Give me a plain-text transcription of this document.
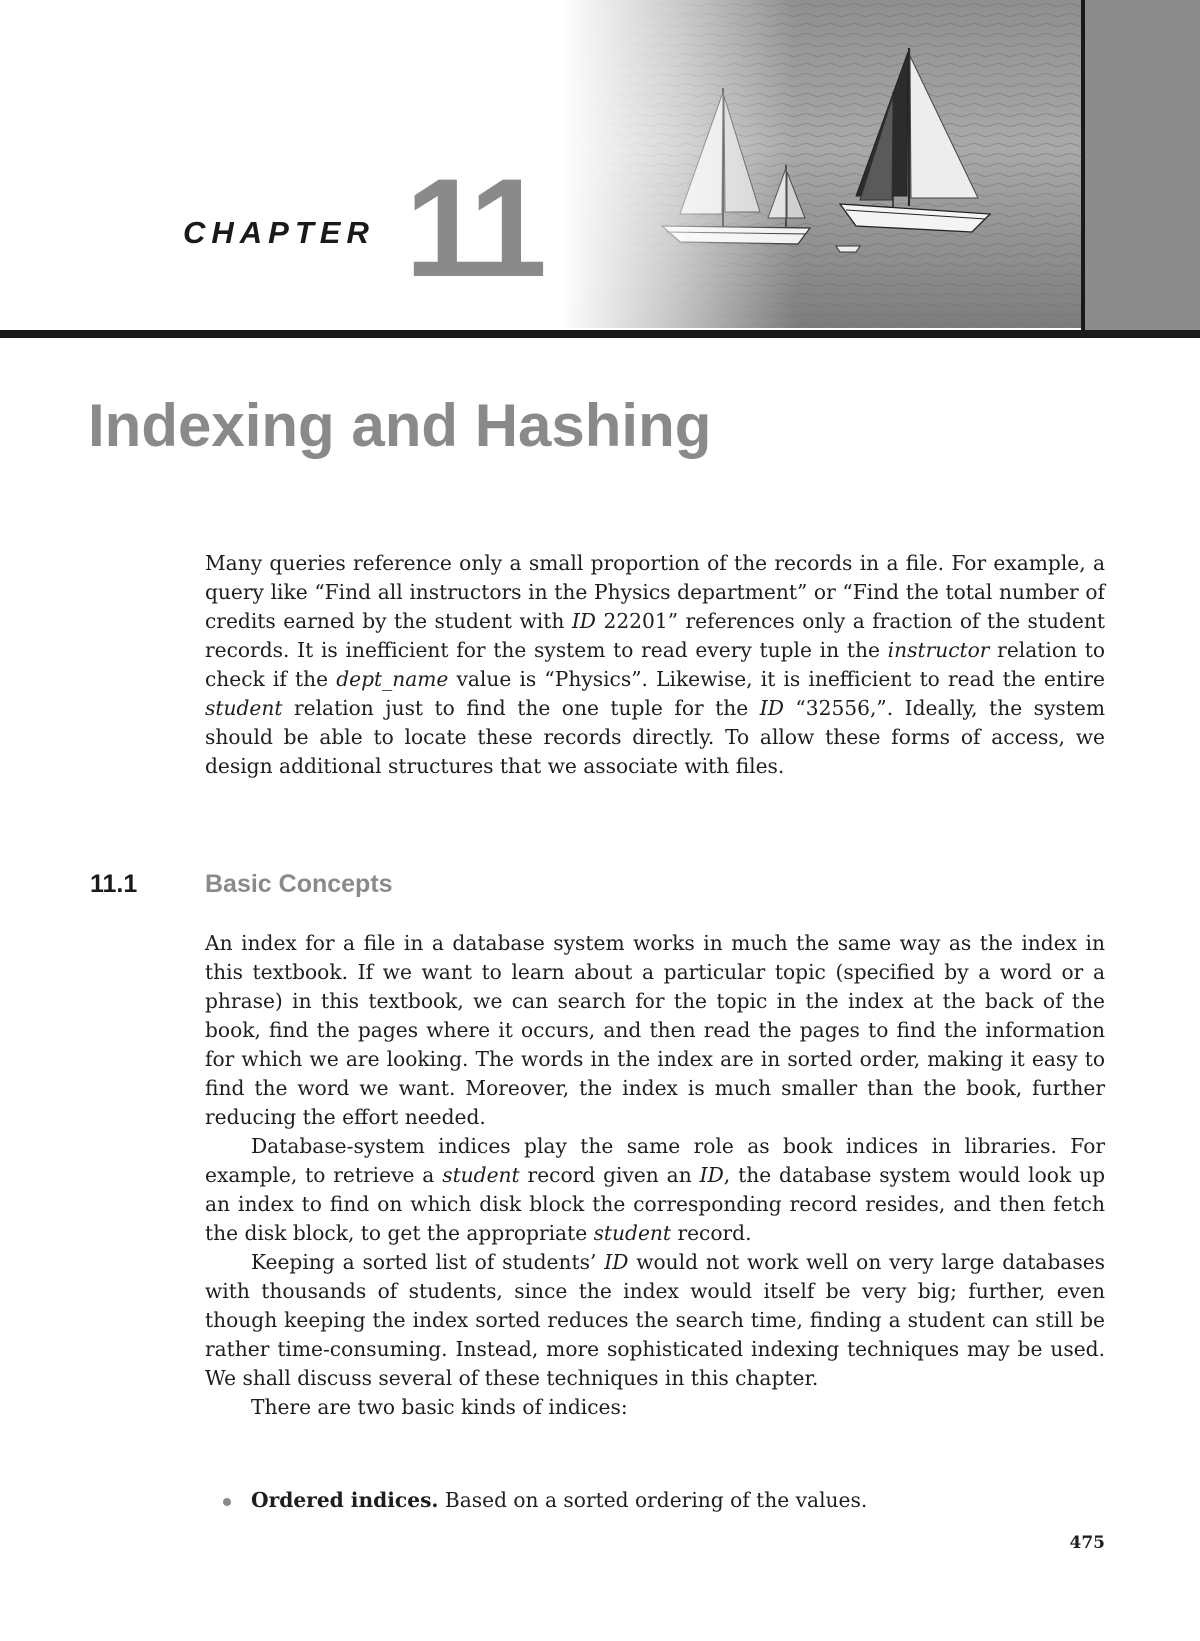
CHAPTER 11
Indexing and Hashing

Many queries reference only a small proportion of the records in a file. For example, a query like “Find all instructors in the Physics department” or “Find the total number of credits earned by the student with ID 22201” references only a fraction of the student records. It is inefficient for the system to read every tuple in the instructor relation to check if the dept_name value is “Physics”. Likewise, it is inefficient to read the entire student relation just to find the one tuple for the ID “32556,”. Ideally, the system should be able to locate these records directly. To allow these forms of access, we design additional structures that we associate with files.

11.1	Basic Concepts

An index for a file in a database system works in much the same way as the index in this textbook. If we want to learn about a particular topic (specified by a word or a phrase) in this textbook, we can search for the topic in the index at the back of the book, find the pages where it occurs, and then read the pages to find the information for which we are looking. The words in the index are in sorted order, making it easy to find the word we want. Moreover, the index is much smaller than the book, further reducing the effort needed.

Database-system indices play the same role as book indices in libraries. For example, to retrieve a student record given an ID, the database system would look up an index to find on which disk block the corresponding record resides, and then fetch the disk block, to get the appropriate student record.

Keeping a sorted list of students’ ID would not work well on very large databases with thousands of students, since the index would itself be very big; further, even though keeping the index sorted reduces the search time, finding a student can still be rather time-consuming. Instead, more sophisticated indexing techniques may be used. We shall discuss several of these techniques in this chapter.

There are two basic kinds of indices:

Ordered indices. Based on a sorted ordering of the values.
475
